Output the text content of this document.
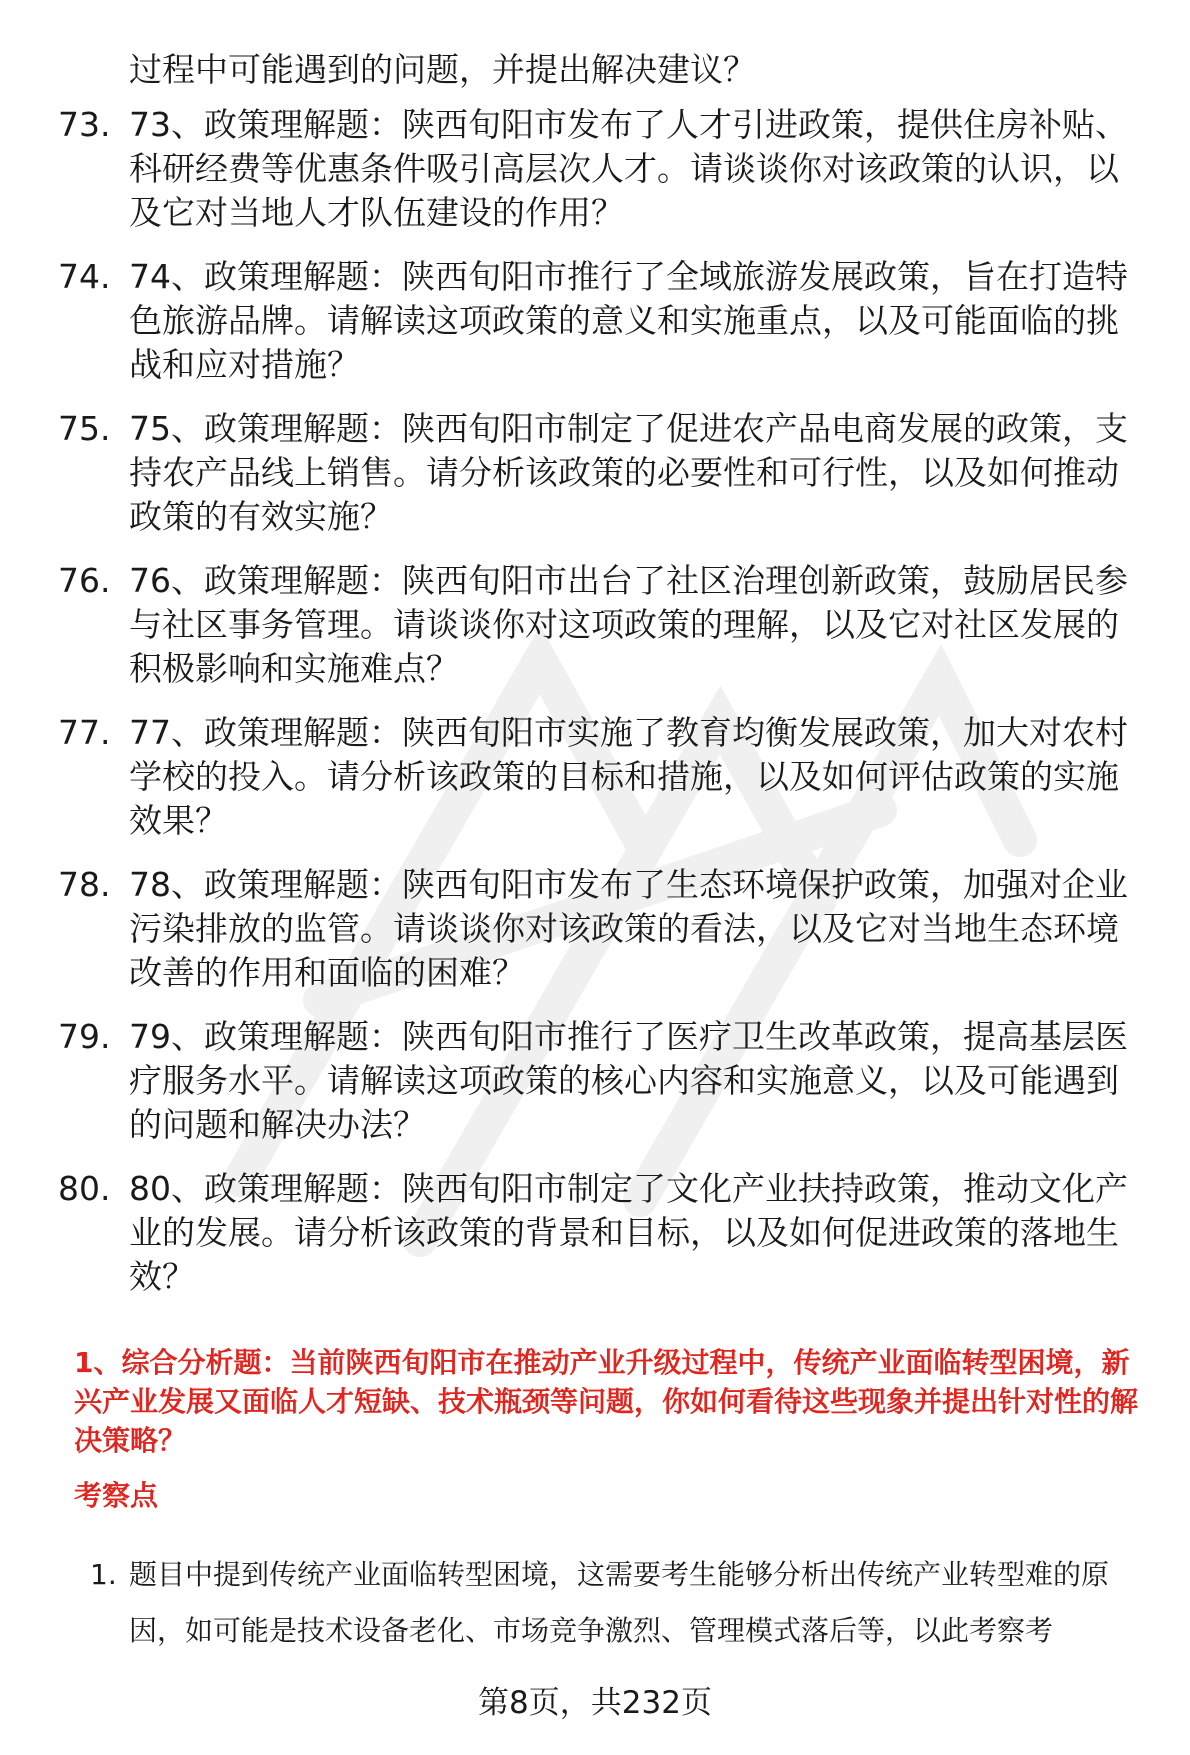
过程中可能遇到的问题，并提出解决建议？

73. 73、政策理解题：陕西旬阳市发布了人才引进政策，提供住房补贴、科研经费等优惠条件吸引高层次人才。请谈谈你对该政策的认识，以及它对当地人才队伍建设的作用？
74. 74、政策理解题：陕西旬阳市推行了全域旅游发展政策，旨在打造特色旅游品牌。请解读这项政策的意义和实施重点，以及可能面临的挑战和应对措施？
75. 75、政策理解题：陕西旬阳市制定了促进农产品电商发展的政策，支持农产品线上销售。请分析该政策的必要性和可行性，以及如何推动政策的有效实施？
76. 76、政策理解题：陕西旬阳市出台了社区治理创新政策，鼓励居民参与社区事务管理。请谈谈你对这项政策的理解，以及它对社区发展的积极影响和实施难点？
77. 77、政策理解题：陕西旬阳市实施了教育均衡发展政策，加大对农村学校的投入。请分析该政策的目标和措施，以及如何评估政策的实施效果？
78. 78、政策理解题：陕西旬阳市发布了生态环境保护政策，加强对企业污染排放的监管。请谈谈你对该政策的看法，以及它对当地生态环境改善的作用和面临的困难？
79. 79、政策理解题：陕西旬阳市推行了医疗卫生改革政策，提高基层医疗服务水平。请解读这项政策的核心内容和实施意义，以及可能遇到的问题和解决办法？
80. 80、政策理解题：陕西旬阳市制定了文化产业扶持政策，推动文化产业的发展。请分析该政策的背景和目标，以及如何促进政策的落地生效？

1、综合分析题：当前陕西旬阳市在推动产业升级过程中，传统产业面临转型困境，新兴产业发展又面临人才短缺、技术瓶颈等问题，你如何看待这些现象并提出针对性的解决策略？

考察点

1. 题目中提到传统产业面临转型困境，这需要考生能够分析出传统产业转型难的原因，如可能是技术设备老化、市场竞争激烈、管理模式落后等，以此考察考

第8页，共232页
